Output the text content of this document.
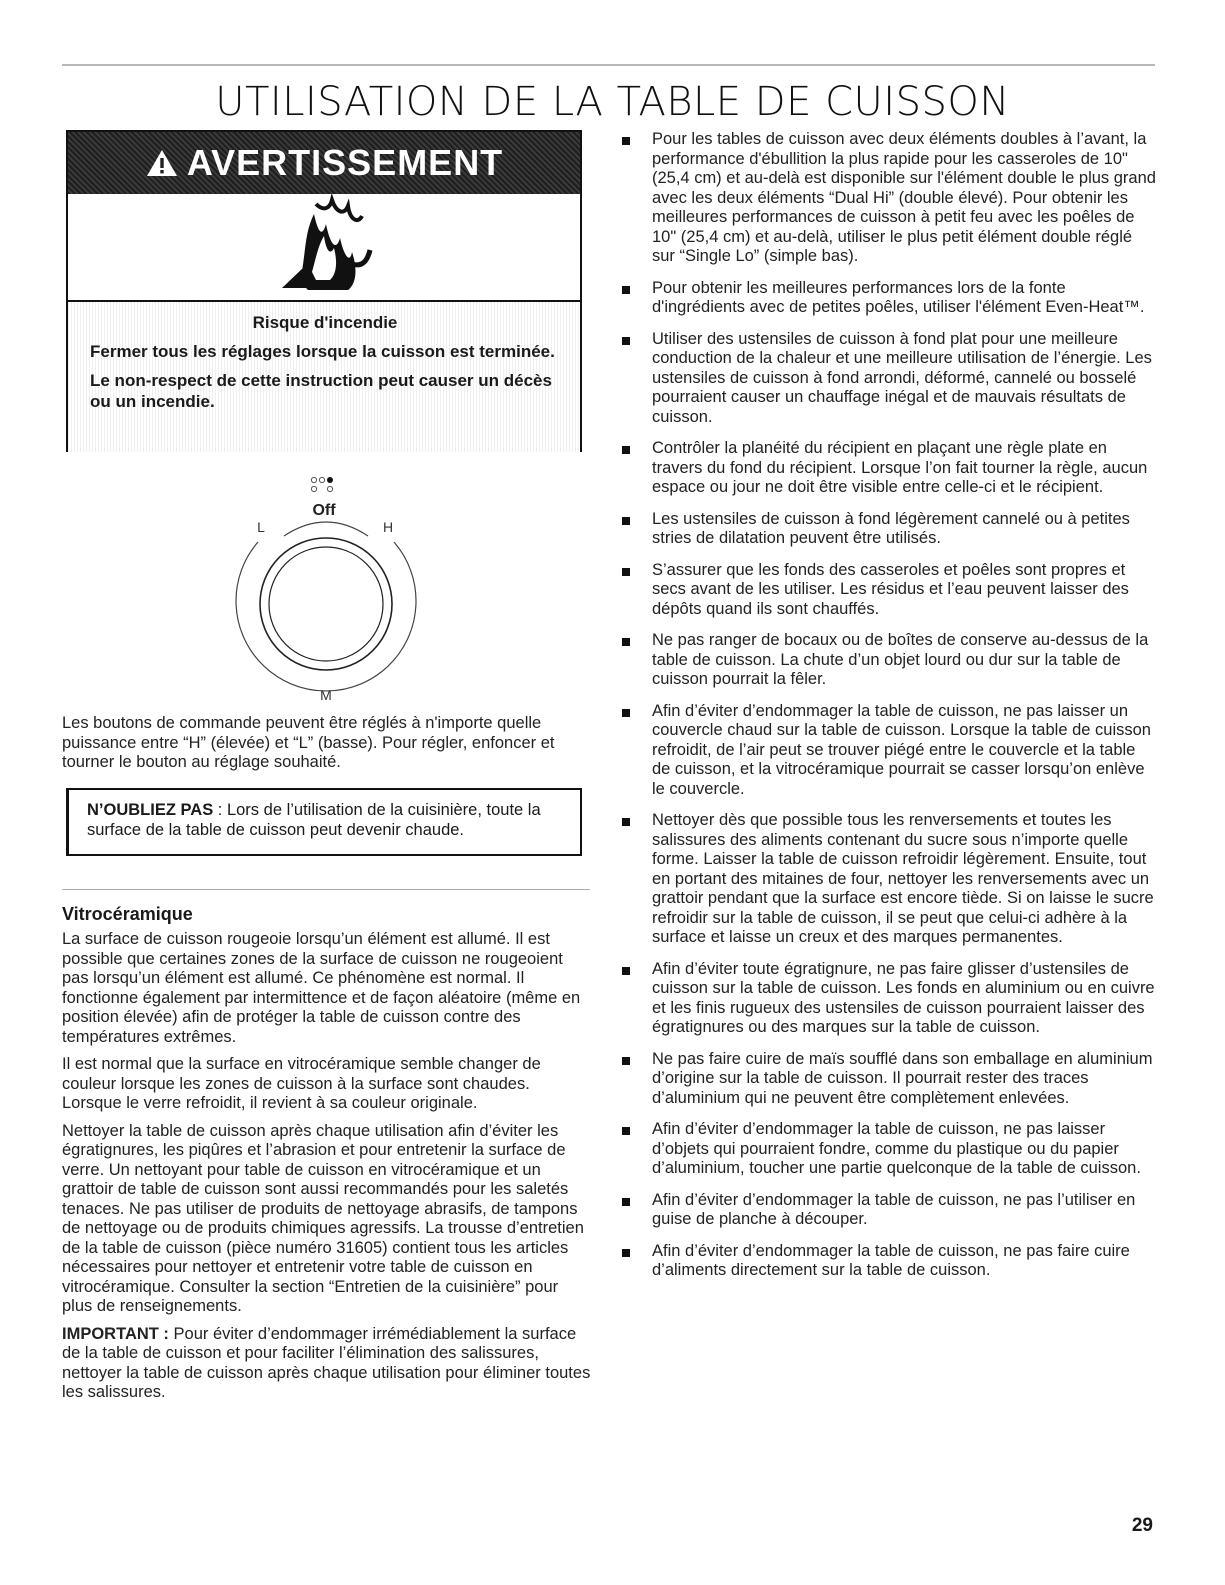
UTILISATION DE LA TABLE DE CUISSON
AVERTISSEMENT

Risque d'incendie

Fermer tous les réglages lorsque la cuisson est terminée.

Le non-respect de cette instruction peut causer un décès ou un incendie.

Off
L	H
M
Les boutons de commande peuvent être réglés à n'importe quelle puissance entre “H” (élevée) et “L” (basse). Pour régler, enfoncer et tourner le bouton au réglage souhaité.
N’OUBLIEZ PAS : Lors de l’utilisation de la cuisinière, toute la surface de la table de cuisson peut devenir chaude.
Vitrocéramique

La surface de cuisson rougeoie lorsqu’un élément est allumé. Il est possible que certaines zones de la surface de cuisson ne rougeoient pas lorsqu’un élément est allumé. Ce phénomène est normal. Il fonctionne également par intermittence et de façon aléatoire (même en position élevée) afin de protéger la table de cuisson contre des températures extrêmes.

Il est normal que la surface en vitrocéramique semble changer de couleur lorsque les zones de cuisson à la surface sont chaudes. Lorsque le verre refroidit, il revient à sa couleur originale.

Nettoyer la table de cuisson après chaque utilisation afin d’éviter les égratignures, les piqûres et l’abrasion et pour entretenir la surface de verre. Un nettoyant pour table de cuisson en vitrocéramique et un grattoir de table de cuisson sont aussi recommandés pour les saletés tenaces. Ne pas utiliser de produits de nettoyage abrasifs, de tampons de nettoyage ou de produits chimiques agressifs. La trousse d’entretien de la table de cuisson (pièce numéro 31605) contient tous les articles nécessaires pour nettoyer et entretenir votre table de cuisson en vitrocéramique. Consulter la section “Entretien de la cuisinière” pour plus de renseignements.

IMPORTANT : Pour éviter d’endommager irrémédiablement la surface de la table de cuisson et pour faciliter l’élimination des salissures, nettoyer la table de cuisson après chaque utilisation pour éliminer toutes les salissures.

Pour les tables de cuisson avec deux éléments doubles à l’avant, la performance d'ébullition la plus rapide pour les casseroles de 10" (25,4 cm) et au-delà est disponible sur l'élément double le plus grand avec les deux éléments “Dual Hi” (double élevé). Pour obtenir les meilleures performances de cuisson à petit feu avec les poêles de 10" (25,4 cm) et au-delà, utiliser le plus petit élément double réglé sur “Single Lo” (simple bas).
Pour obtenir les meilleures performances lors de la fonte d'ingrédients avec de petites poêles, utiliser l'élément Even-Heat™.
Utiliser des ustensiles de cuisson à fond plat pour une meilleure conduction de la chaleur et une meilleure utilisation de l’énergie. Les ustensiles de cuisson à fond arrondi, déformé, cannelé ou bosselé pourraient causer un chauffage inégal et de mauvais résultats de cuisson.
Contrôler la planéité du récipient en plaçant une règle plate en travers du fond du récipient. Lorsque l’on fait tourner la règle, aucun espace ou jour ne doit être visible entre celle-ci et le récipient.
Les ustensiles de cuisson à fond légèrement cannelé ou à petites stries de dilatation peuvent être utilisés.
S’assurer que les fonds des casseroles et poêles sont propres et secs avant de les utiliser. Les résidus et l’eau peuvent laisser des dépôts quand ils sont chauffés.
Ne pas ranger de bocaux ou de boîtes de conserve au-dessus de la table de cuisson. La chute d’un objet lourd ou dur sur la table de cuisson pourrait la fêler.
Afin d’éviter d’endommager la table de cuisson, ne pas laisser un couvercle chaud sur la table de cuisson. Lorsque la table de cuisson refroidit, de l’air peut se trouver piégé entre le couvercle et la table de cuisson, et la vitrocéramique pourrait se casser lorsqu’on enlève le couvercle.
Nettoyer dès que possible tous les renversements et toutes les salissures des aliments contenant du sucre sous n’importe quelle forme. Laisser la table de cuisson refroidir légèrement. Ensuite, tout en portant des mitaines de four, nettoyer les renversements avec un grattoir pendant que la surface est encore tiède. Si on laisse le sucre refroidir sur la table de cuisson, il se peut que celui-ci adhère à la surface et laisse un creux et des marques permanentes.
Afin d’éviter toute égratignure, ne pas faire glisser d’ustensiles de cuisson sur la table de cuisson. Les fonds en aluminium ou en cuivre et les finis rugueux des ustensiles de cuisson pourraient laisser des égratignures ou des marques sur la table de cuisson.
Ne pas faire cuire de maïs soufflé dans son emballage en aluminium d’origine sur la table de cuisson. Il pourrait rester des traces d’aluminium qui ne peuvent être complètement enlevées.
Afin d’éviter d’endommager la table de cuisson, ne pas laisser d’objets qui pourraient fondre, comme du plastique ou du papier d’aluminium, toucher une partie quelconque de la table de cuisson.
Afin d’éviter d’endommager la table de cuisson, ne pas l’utiliser en guise de planche à découper.
Afin d’éviter d’endommager la table de cuisson, ne pas faire cuire d’aliments directement sur la table de cuisson.
29
